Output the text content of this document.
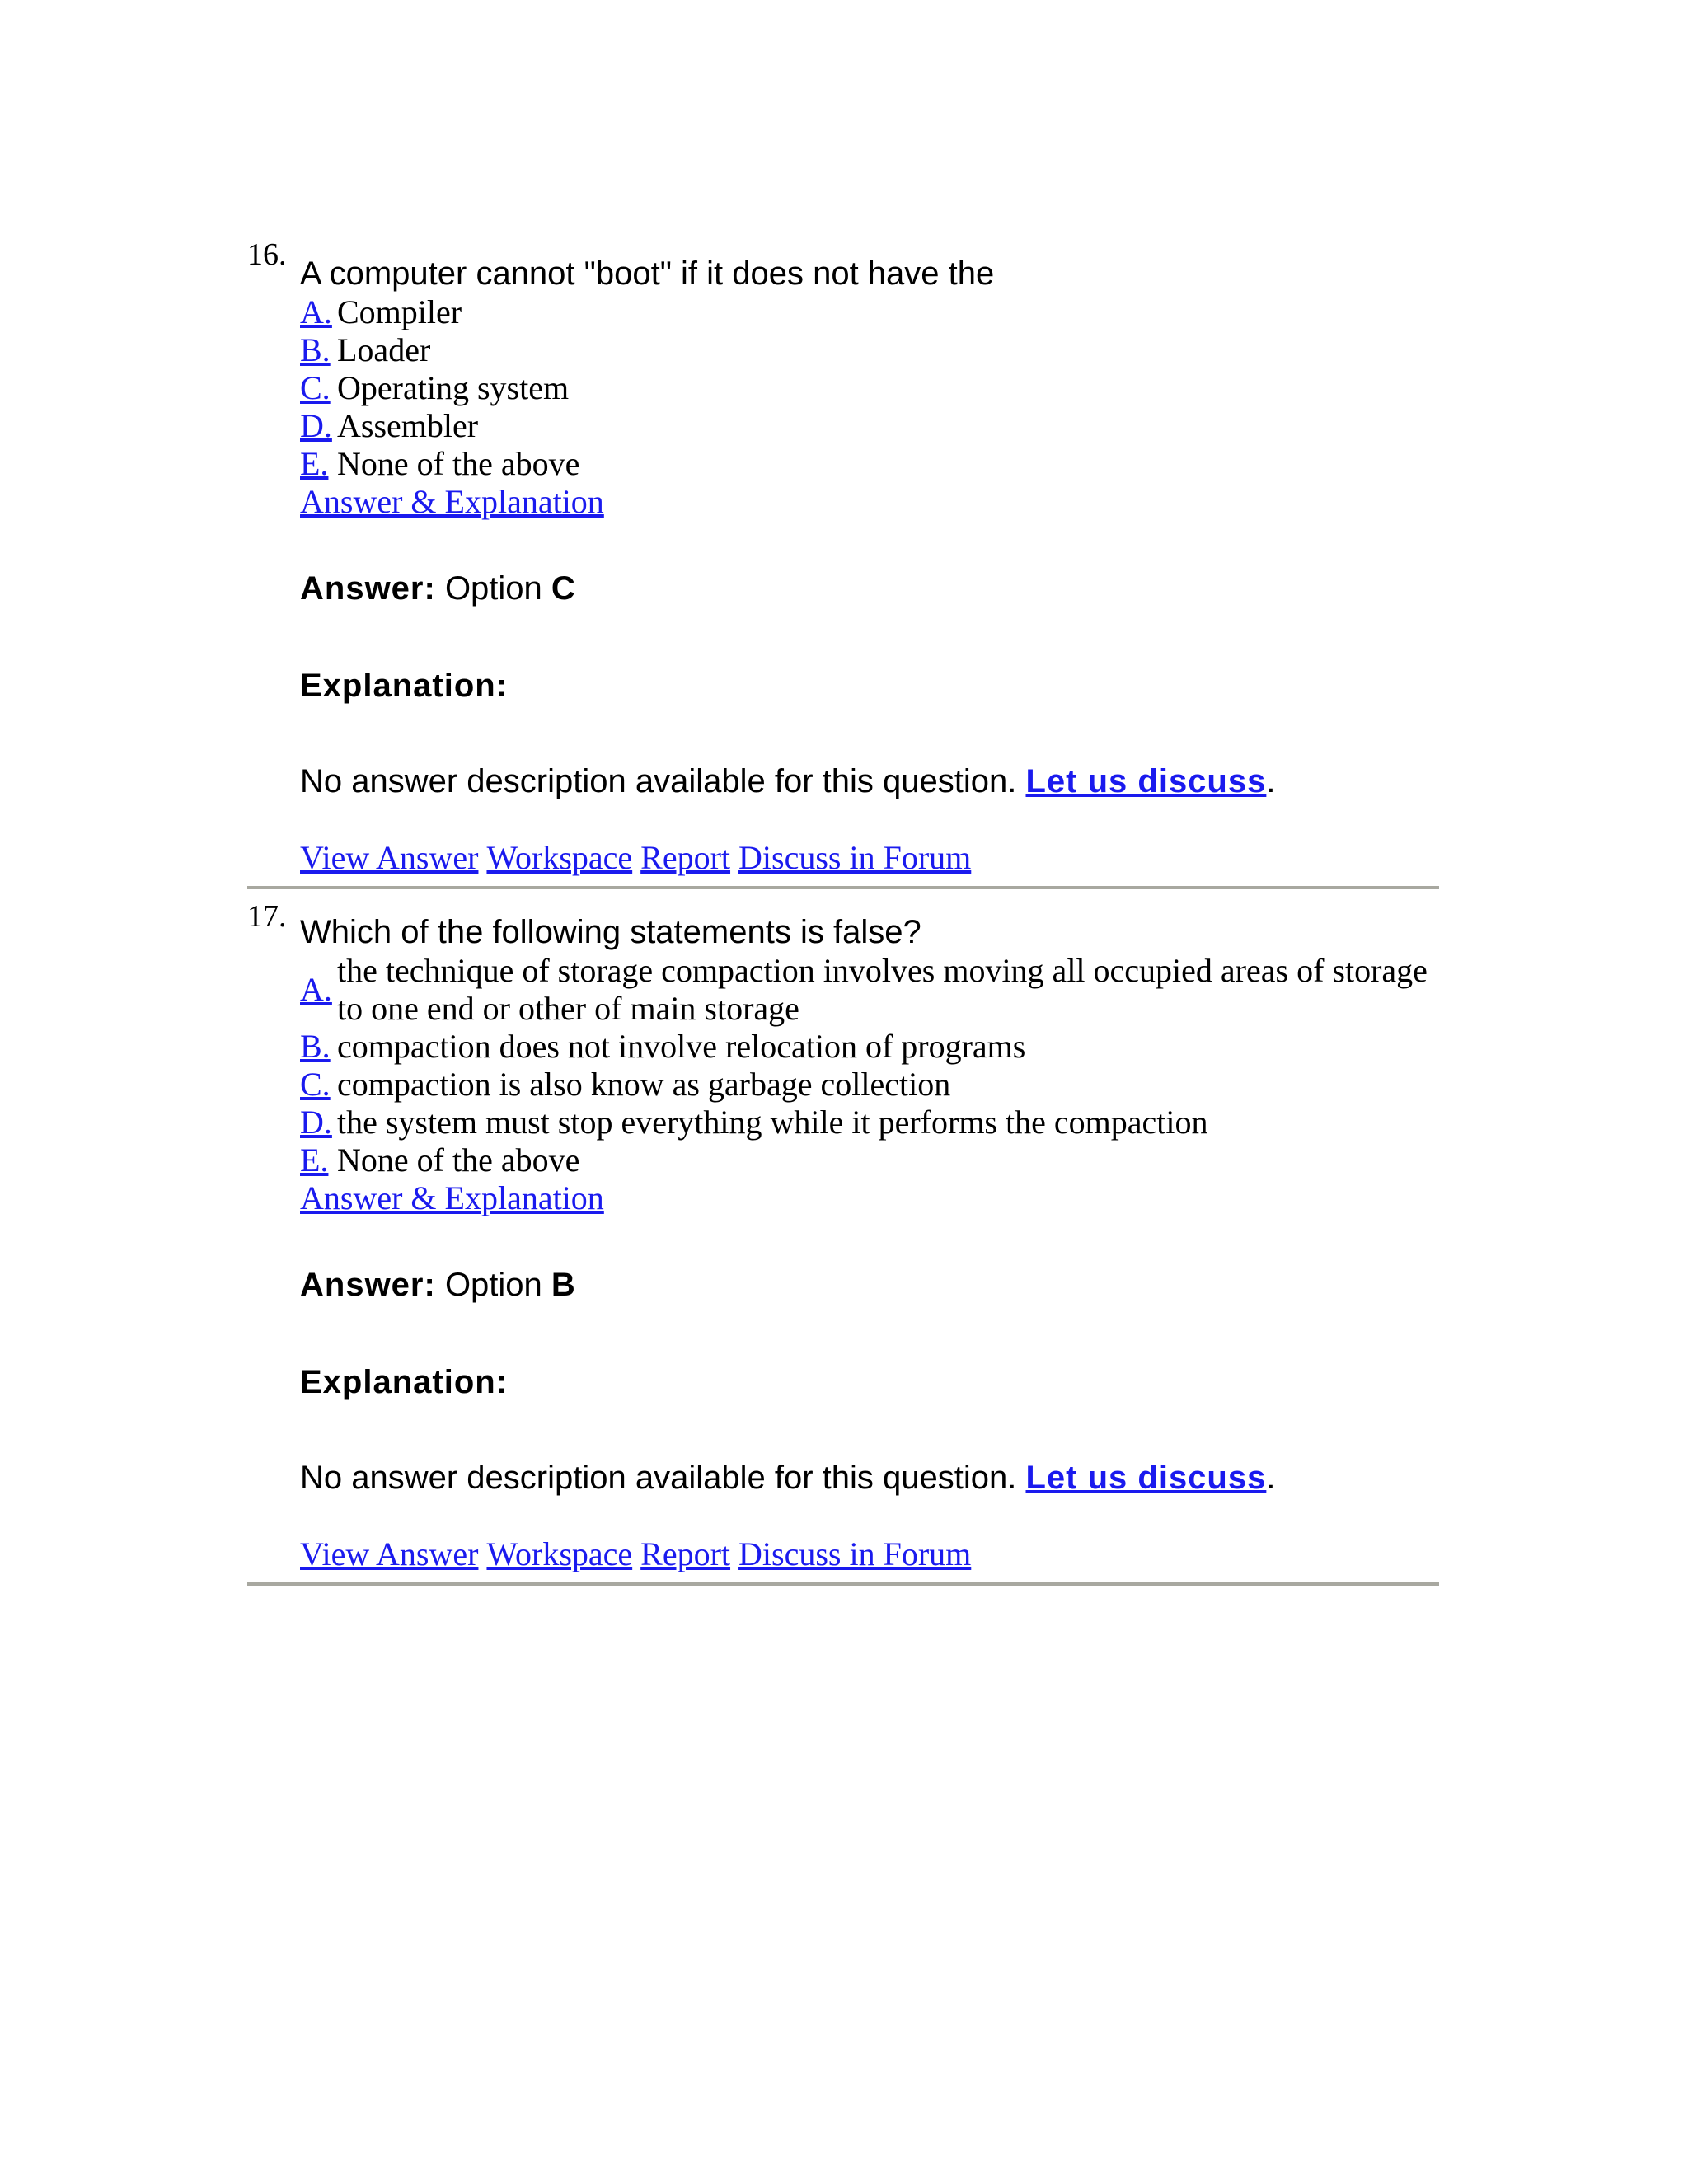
16.
A computer cannot "boot" if it does not have the
A. Compiler
B. Loader
C. Operating system
D. Assembler
E. None of the above
Answer & Explanation
Answer: Option C
Explanation:
No answer description available for this question. Let us discuss.
View Answer Workspace Report Discuss in Forum
17. Which of the following statements is false?
A.
the technique of storage compaction involves moving all occupied areas of storage to one end or other of main storage
B. compaction does not involve relocation of programs
C. compaction is also know as garbage collection
D. the system must stop everything while it performs the compaction
E. None of the above
Answer & Explanation
Answer: Option B
Explanation:
No answer description available for this question. Let us discuss.
View Answer Workspace Report Discuss in Forum
